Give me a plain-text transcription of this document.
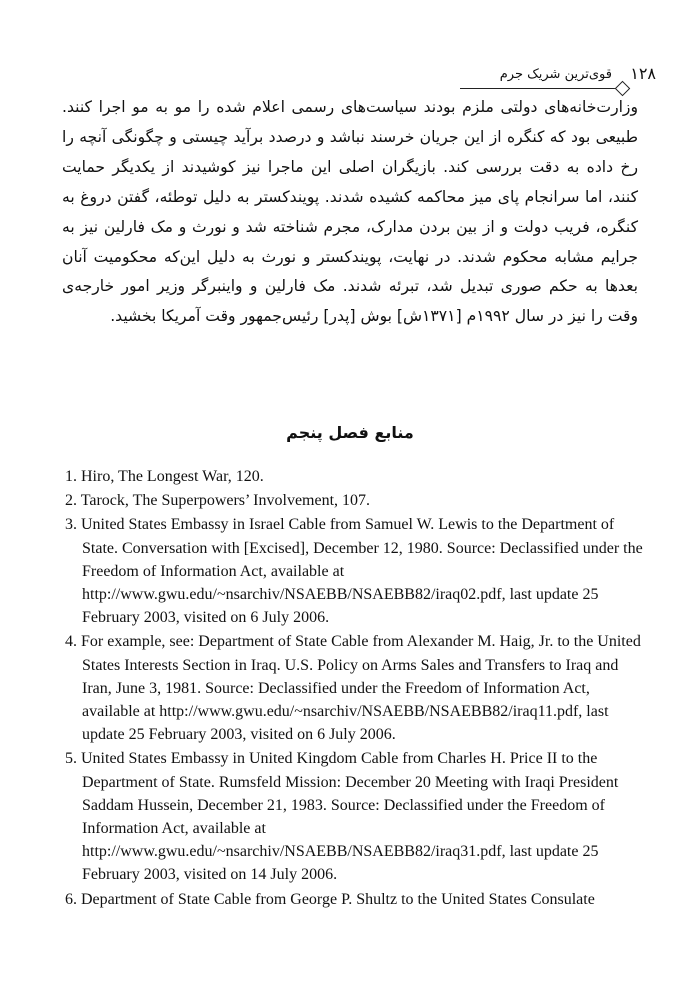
قوی‌ترین شریک جرم ۱۲۸

وزارت‌خانه‌های دولتی ملزم بودند سیاست‌های رسمی اعلام شده را مو به مو اجرا کنند. طبیعی بود که کنگره از این جریان خرسند نباشد و درصدد برآید چیستی و چگونگی آنچه را رخ داده به دقت بررسی کند. بازیگران اصلی این ماجرا نیز کوشیدند از یکدیگر حمایت کنند، اما سرانجام پای میز محاکمه کشیده شدند. پویندکستر به دلیل توطئه، گفتن دروغ به کنگره، فریب دولت و از بین بردن مدارک، مجرم شناخته شد و نورث و مک فارلین نیز به جرایم مشابه محکوم شدند. در نهایت، پویندکستر و نورث به دلیل این‌که محکومیت آنان بعدها به حکم صوری تبدیل شد، تبرئه شدند. مک فارلین و واینبرگر وزیر امور خارجه‌ی وقت را نیز در سال ۱۹۹۲م [۱۳۷۱ش] بوش [پدر] رئیس‌جمهور وقت آمریکا بخشید.

منابع فصل پنجم
1. Hiro, The Longest War, 120.
2. Tarock, The Superpowers’ Involvement, 107.
3. United States Embassy in Israel Cable from Samuel W. Lewis to the Department of State. Conversation with [Excised], December 12, 1980. Source: Declassified under the Freedom of Information Act, available at http://www.gwu.edu/~nsarchiv/NSAEBB/NSAEBB82/iraq02.pdf, last update 25 February 2003, visited on 6 July 2006.
4. For example, see: Department of State Cable from Alexander M. Haig, Jr. to the United States Interests Section in Iraq. U.S. Policy on Arms Sales and Transfers to Iraq and Iran, June 3, 1981. Source: Declassified under the Freedom of Information Act, available at http://www.gwu.edu/~nsarchiv/NSAEBB/NSAEBB82/iraq11.pdf, last update 25 February 2003, visited on 6 July 2006.
5. United States Embassy in United Kingdom Cable from Charles H. Price II to the Department of State. Rumsfeld Mission: December 20 Meeting with Iraqi President Saddam Hussein, December 21, 1983. Source: Declassified under the Freedom of Information Act, available at http://www.gwu.edu/~nsarchiv/NSAEBB/NSAEBB82/iraq31.pdf, last update 25 February 2003, visited on 14 July 2006.
6. Department of State Cable from George P. Shultz to the United States Consulate
